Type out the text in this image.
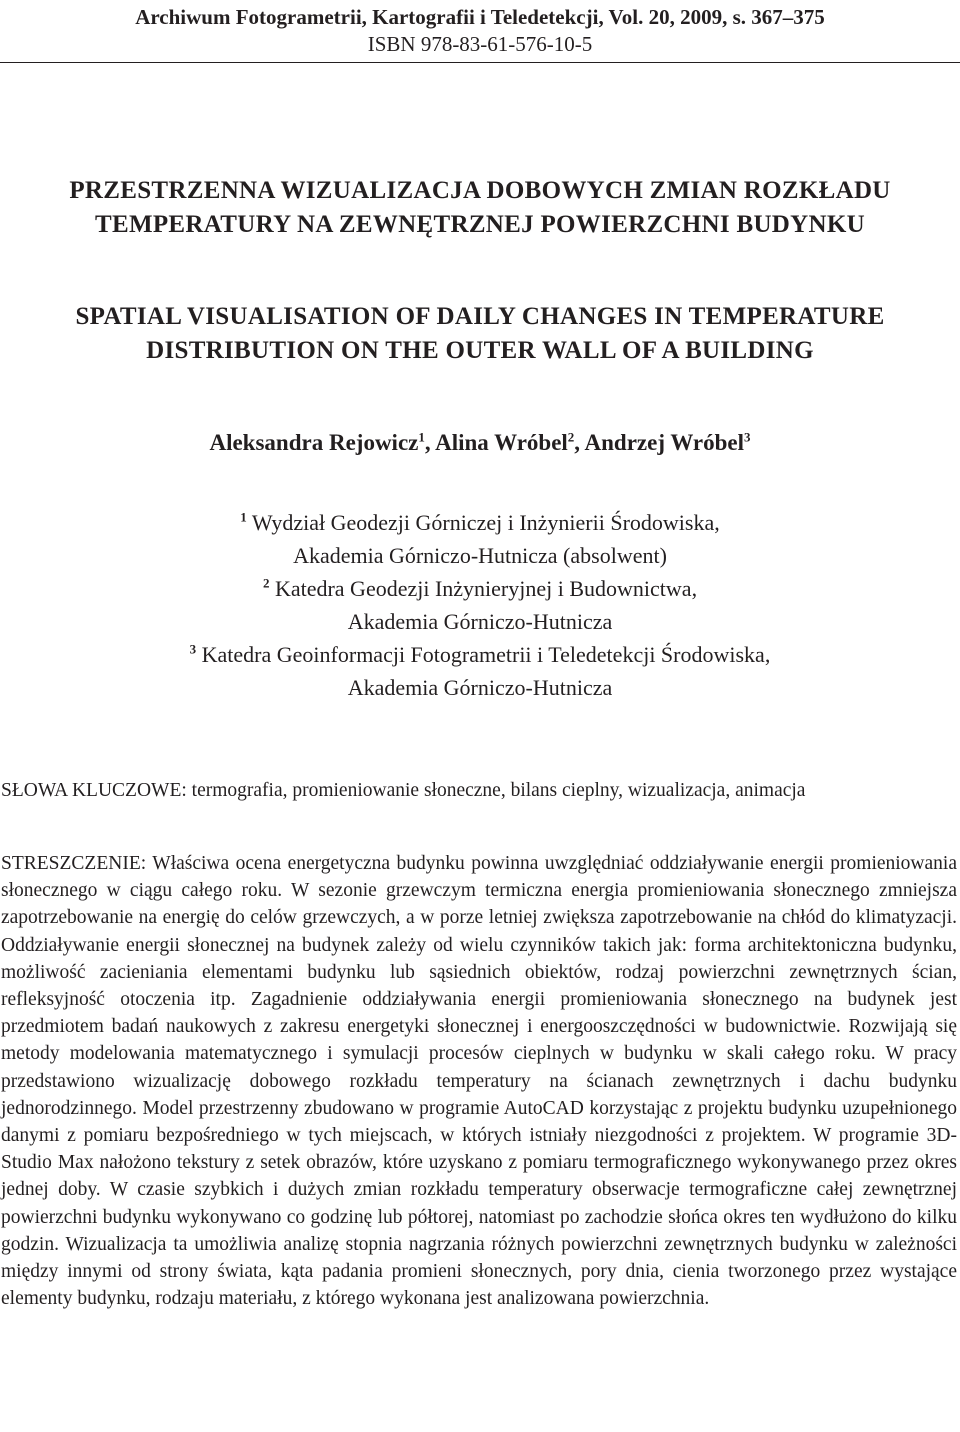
Archiwum Fotogrametrii, Kartografii i Teledetekcji, Vol. 20, 2009, s. 367–375
ISBN 978-83-61-576-10-5
PRZESTRZENNA WIZUALIZACJA DOBOWYCH ZMIAN ROZKŁADU
TEMPERATURY NA ZEWNĘTRZNEJ POWIERZCHNI BUDYNKU
SPATIAL VISUALISATION OF DAILY CHANGES IN TEMPERATURE
DISTRIBUTION ON THE OUTER WALL OF A BUILDING
Aleksandra Rejowicz$^1$, Alina Wróbel$^2$, Andrzej Wróbel$^3$
$^1$ Wydział Geodezji Górniczej i Inżynierii Środowiska,
Akademia Górniczo-Hutnicza (absolwent)
$^2$ Katedra Geodezji Inżynieryjnej i Budownictwa,
Akademia Górniczo-Hutnicza
$^3$ Katedra Geoinformacji Fotogrametrii i Teledetekcji Środowiska,
Akademia Górniczo-Hutnicza

SŁOWA KLUCZOWE: termografia, promieniowanie słoneczne, bilans cieplny, wizualizacja, animacja

STRESZCZENIE: Właściwa ocena energetyczna budynku powinna uwzględniać oddziaływanie energii promieniowania słonecznego w ciągu całego roku. W sezonie grzewczym termiczna energia promieniowania słonecznego zmniejsza zapotrzebowanie na energię do celów grzewczych, a w porze letniej zwiększa zapotrzebowanie na chłód do klimatyzacji. Oddziaływanie energii słonecznej na budynek zależy od wielu czynników takich jak: forma architektoniczna budynku, możliwość zacieniania elementami budynku lub sąsiednich obiektów, rodzaj powierzchni zewnętrznych ścian, refleksyjność otoczenia itp. Zagadnienie oddziaływania energii promieniowania słonecznego na budynek jest przedmiotem badań naukowych z zakresu energetyki słonecznej i energooszczędności w budownictwie. Rozwijają się metody modelowania matematycznego i symulacji procesów cieplnych w budynku w skali całego roku. W pracy przedstawiono wizualizację dobowego rozkładu temperatury na ścianach zewnętrznych i dachu budynku jednorodzinnego. Model przestrzenny zbudowano w programie AutoCAD korzystając z projektu budynku uzupełnionego danymi z pomiaru bezpośredniego w tych miejscach, w których istniały niezgodności z projektem. W programie 3D-Studio Max nałożono tekstury z setek obrazów, które uzyskano z pomiaru termograficznego wykonywanego przez okres jednej doby. W czasie szybkich i dużych zmian rozkładu temperatury obserwacje termograficzne całej zewnętrznej powierzchni budynku wykonywano co godzinę lub półtorej, natomiast po zachodzie słońca okres ten wydłużono do kilku godzin. Wizualizacja ta umożliwia analizę stopnia nagrzania różnych powierzchni zewnętrznych budynku w zależności między innymi od strony świata, kąta padania promieni słonecznych, pory dnia, cienia tworzonego przez wystające elementy budynku, rodzaju materiału, z którego wykonana jest analizowana powierzchnia.
